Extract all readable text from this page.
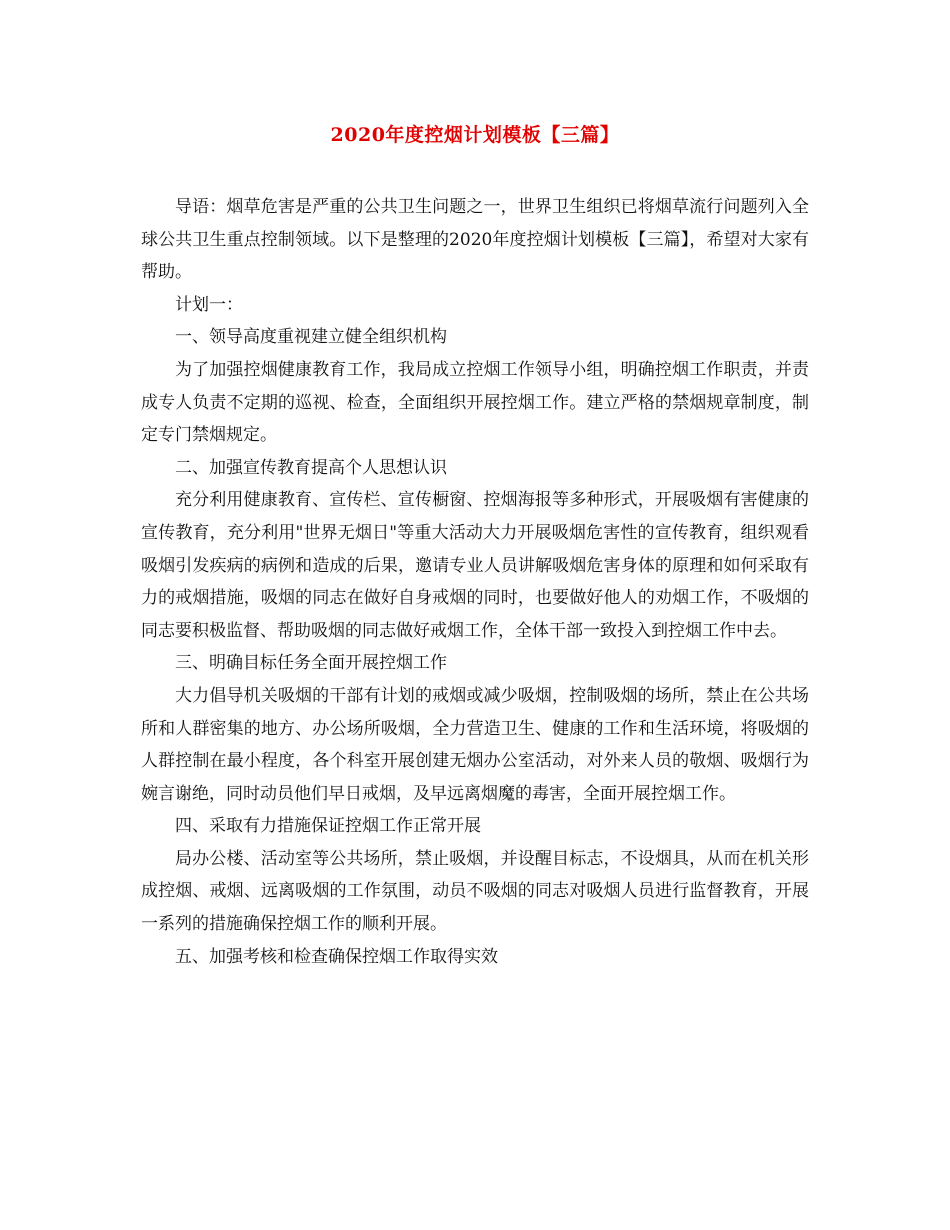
2020年度控烟计划模板【三篇】

导语：烟草危害是严重的公共卫生问题之一，世界卫生组织已将烟草流行问题列入全球公共卫生重点控制领域。以下是整理的2020年度控烟计划模板【三篇】，希望对大家有帮助。

计划一：

一、领导高度重视建立健全组织机构

为了加强控烟健康教育工作，我局成立控烟工作领导小组，明确控烟工作职责，并责成专人负责不定期的巡视、检查，全面组织开展控烟工作。建立严格的禁烟规章制度，制定专门禁烟规定。

二、加强宣传教育提高个人思想认识

充分利用健康教育、宣传栏、宣传橱窗、控烟海报等多种形式，开展吸烟有害健康的宣传教育，充分利用"世界无烟日"等重大活动大力开展吸烟危害性的宣传教育，组织观看吸烟引发疾病的病例和造成的后果，邀请专业人员讲解吸烟危害身体的原理和如何采取有力的戒烟措施，吸烟的同志在做好自身戒烟的同时，也要做好他人的劝烟工作，不吸烟的同志要积极监督、帮助吸烟的同志做好戒烟工作，全体干部一致投入到控烟工作中去。

三、明确目标任务全面开展控烟工作

大力倡导机关吸烟的干部有计划的戒烟或减少吸烟，控制吸烟的场所，禁止在公共场所和人群密集的地方、办公场所吸烟，全力营造卫生、健康的工作和生活环境，将吸烟的人群控制在最小程度，各个科室开展创建无烟办公室活动，对外来人员的敬烟、吸烟行为婉言谢绝，同时动员他们早日戒烟，及早远离烟魔的毒害，全面开展控烟工作。

四、采取有力措施保证控烟工作正常开展

局办公楼、活动室等公共场所，禁止吸烟，并设醒目标志，不设烟具，从而在机关形成控烟、戒烟、远离吸烟的工作氛围，动员不吸烟的同志对吸烟人员进行监督教育，开展一系列的措施确保控烟工作的顺利开展。

五、加强考核和检查确保控烟工作取得实效
